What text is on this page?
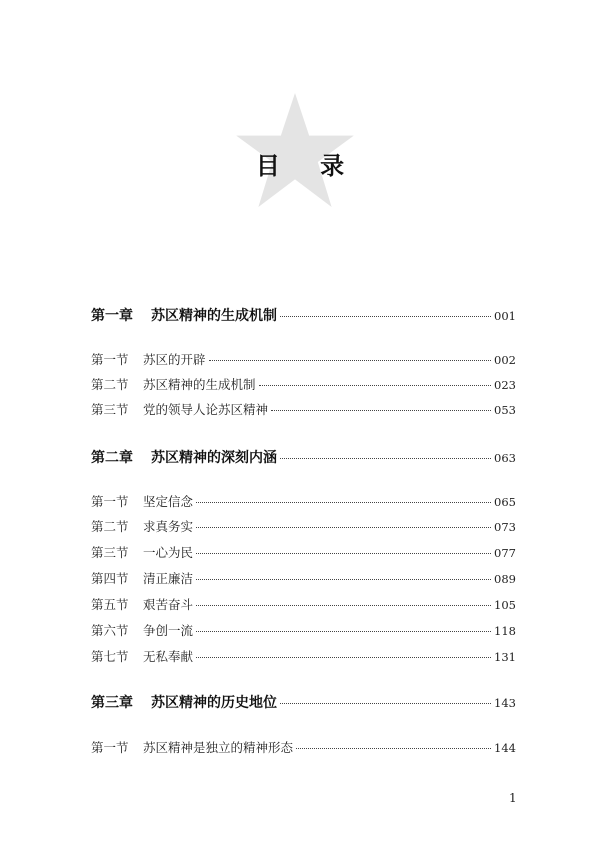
目 录
第一章	苏区精神的生成机制	001
第一节	苏区的开辟	002
第二节	苏区精神的生成机制	023
第三节	党的领导人论苏区精神	053
第二章	苏区精神的深刻内涵	063
第一节	坚定信念	065
第二节	求真务实	073
第三节	一心为民	077
第四节	清正廉洁	089
第五节	艰苦奋斗	105
第六节	争创一流	118
第七节	无私奉献	131
第三章	苏区精神的历史地位	143
第一节	苏区精神是独立的精神形态	144
1
